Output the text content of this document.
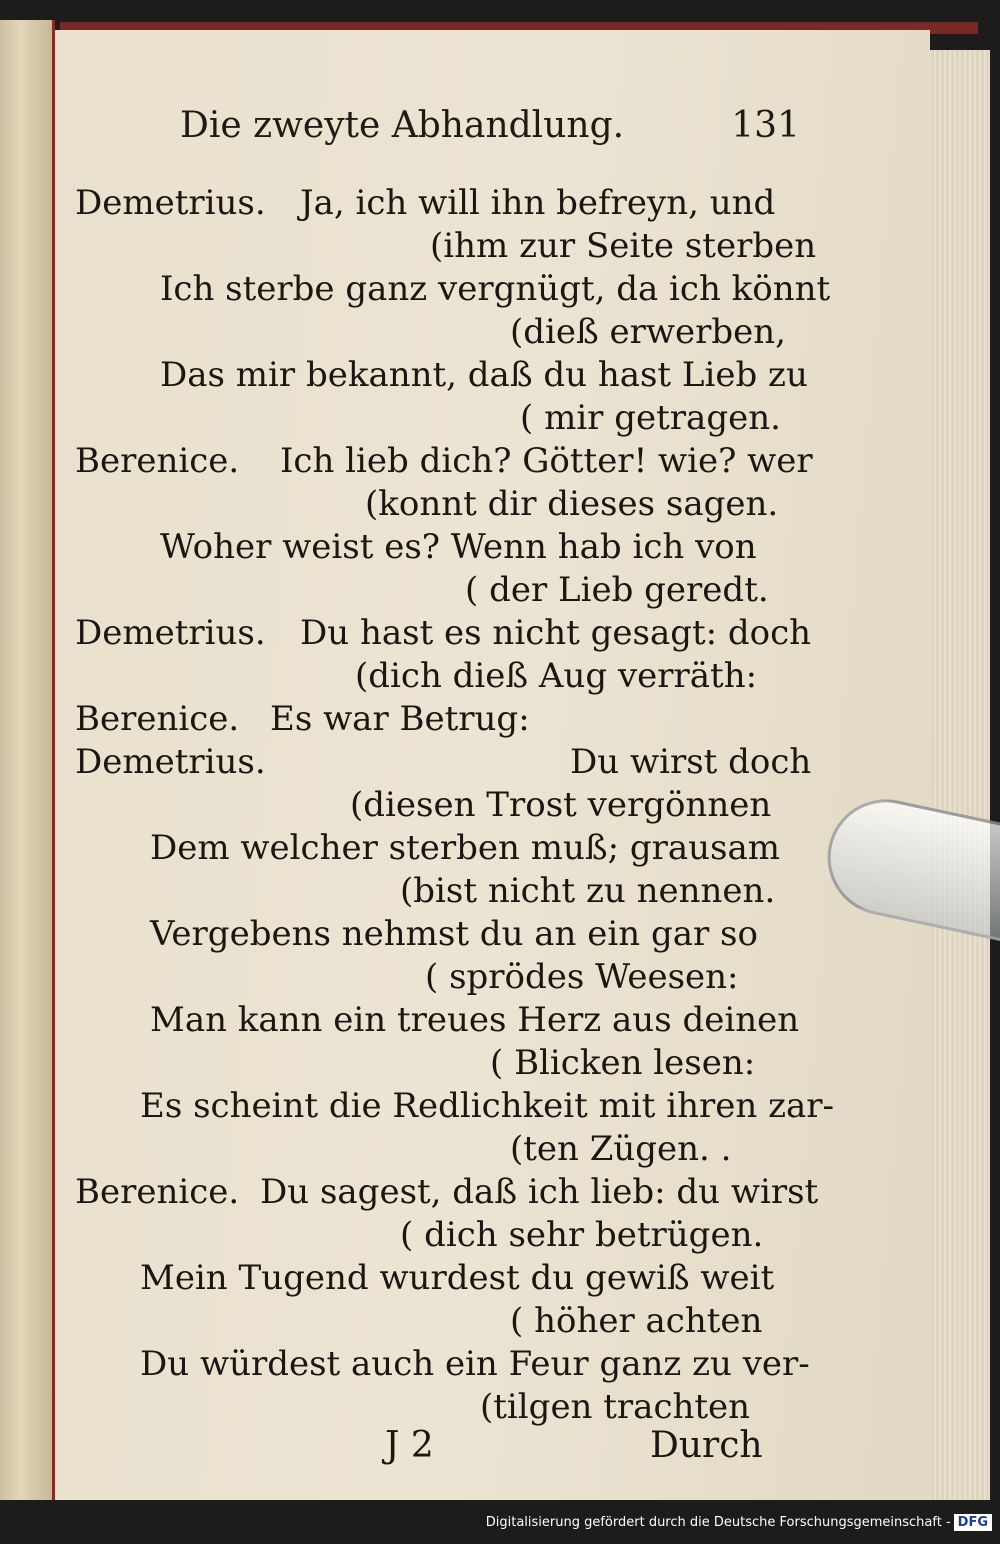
Die zweyte Abhandlung.	131
Demetrius. Ja, ich will ihn befreyn, und
(ihm zur Seite sterben
Ich sterbe ganz vergnügt, da ich könnt
(dieß erwerben,
Das mir bekannt, daß du hast Lieb zu
( mir getragen.
Berenice. Ich lieb dich? Götter! wie? wer
(konnt dir dieses sagen.
Woher weist es? Wenn hab ich von
( der Lieb geredt.
Demetrius. Du hast es nicht gesagt: doch
(dich dieß Aug verräth:
Berenice. Es war Betrug:
Demetrius.	Du wirst doch
(diesen Trost vergönnen
Dem welcher sterben muß; grausam
(bist nicht zu nennen.
Vergebens nehmst du an ein gar so
( sprödes Weesen:
Man kann ein treues Herz aus deinen
( Blicken lesen:
Es scheint die Redlichkeit mit ihren zar-
(ten Zügen. .
Berenice. Du sagest, daß ich lieb: du wirst
( dich sehr betrügen.
Mein Tugend wurdest du gewiß weit
( höher achten
Du würdest auch ein Feur ganz zu ver-
(tilgen trachten
J 2	Durch
Digitalisierung gefördert durch die Deutsche Forschungsgemeinschaft - DFG
